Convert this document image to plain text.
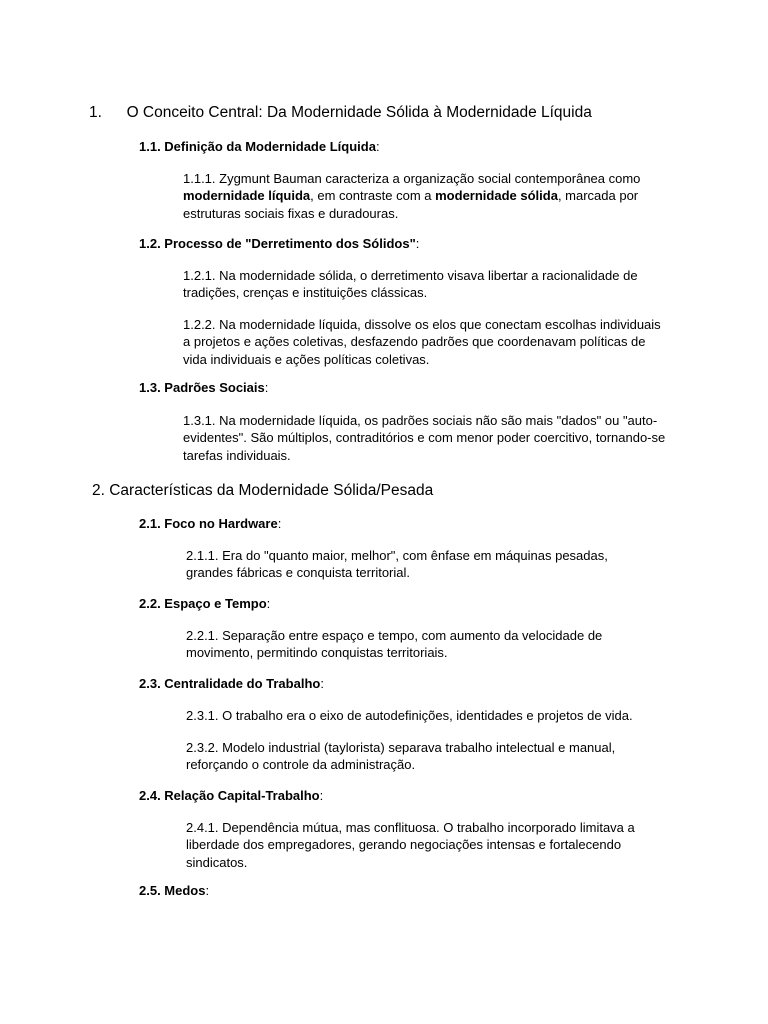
1. O Conceito Central: Da Modernidade Sólida à Modernidade Líquida
1.1. Definição da Modernidade Líquida:

1.1.1. Zygmunt Bauman caracteriza a organização social contemporânea como modernidade líquida, em contraste com a modernidade sólida, marcada por estruturas sociais fixas e duradouras.

1.2. Processo de "Derretimento dos Sólidos":

1.2.1. Na modernidade sólida, o derretimento visava libertar a racionalidade de tradições, crenças e instituições clássicas.

1.2.2. Na modernidade líquida, dissolve os elos que conectam escolhas individuais a projetos e ações coletivas, desfazendo padrões que coordenavam políticas de vida individuais e ações políticas coletivas.

1.3. Padrões Sociais:

1.3.1. Na modernidade líquida, os padrões sociais não são mais "dados" ou "auto-evidentes". São múltiplos, contraditórios e com menor poder coercitivo, tornando-se tarefas individuais.

2. Características da Modernidade Sólida/Pesada
2.1. Foco no Hardware:

2.1.1. Era do "quanto maior, melhor", com ênfase em máquinas pesadas, grandes fábricas e conquista territorial.

2.2. Espaço e Tempo:

2.2.1. Separação entre espaço e tempo, com aumento da velocidade de movimento, permitindo conquistas territoriais.

2.3. Centralidade do Trabalho:

2.3.1. O trabalho era o eixo de autodefinições, identidades e projetos de vida.

2.3.2. Modelo industrial (taylorista) separava trabalho intelectual e manual, reforçando o controle da administração.

2.4. Relação Capital-Trabalho:

2.4.1. Dependência mútua, mas conflituosa. O trabalho incorporado limitava a liberdade dos empregadores, gerando negociações intensas e fortalecendo sindicatos.

2.5. Medos:
